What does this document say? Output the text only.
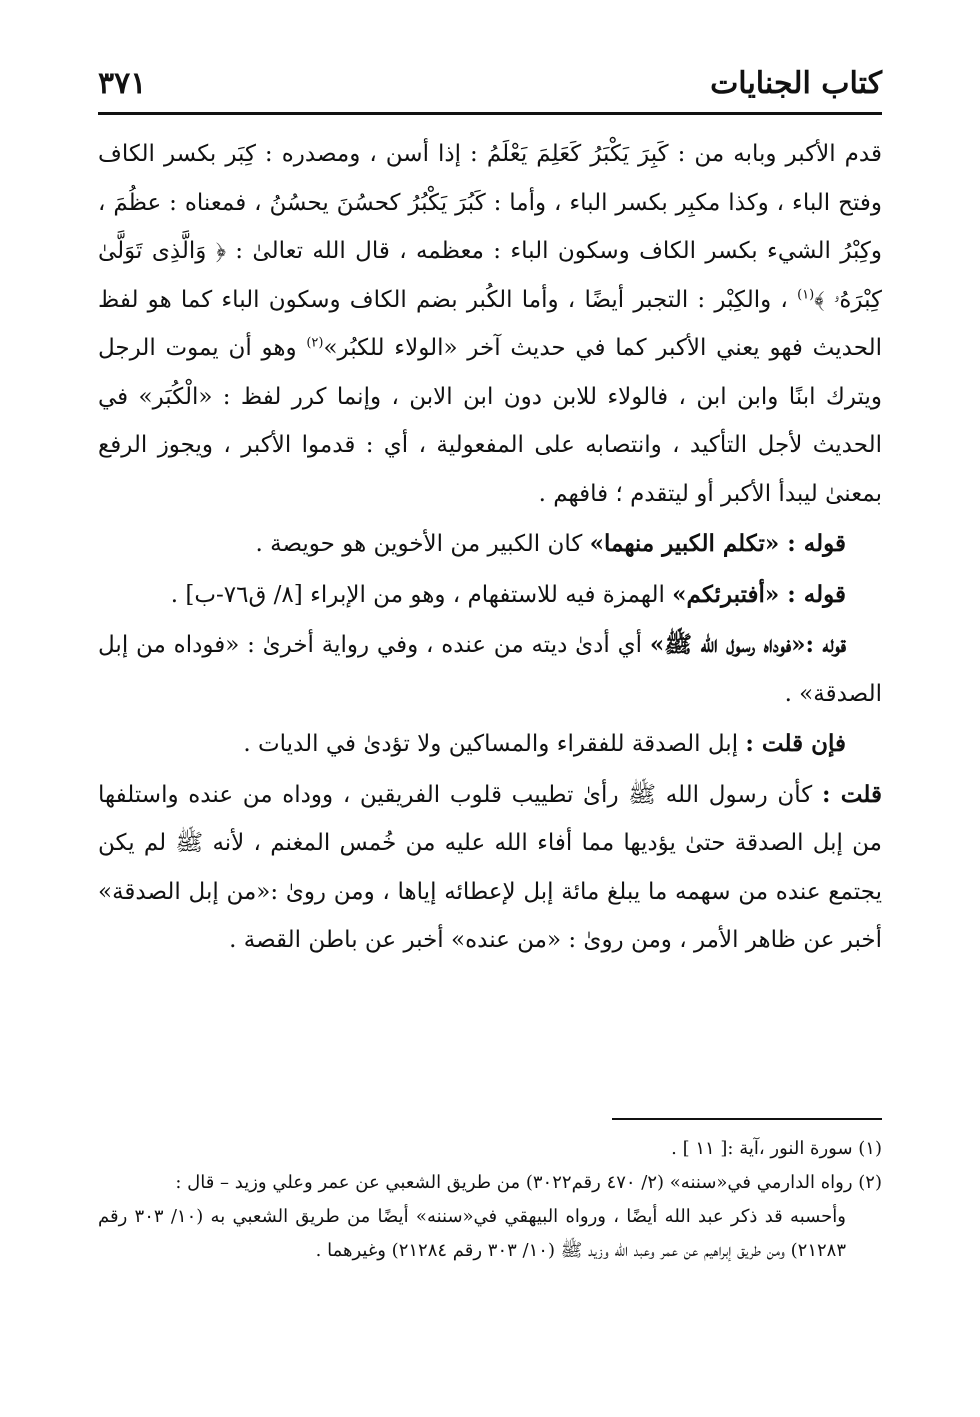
كتاب الجنايات
٣٧١

قدم الأكبر وبابه من : كَبِرَ يَكْبَرُ كَعَلِمَ يَعْلَمُ : إذا أسن ، ومصدره : كِبَر بكسر الكاف وفتح الباء ، وكذا مكبِر بكسر الباء ، وأما : كَبُرَ يَكْبُرُ كحسُنَ يحسُنُ ، فمعناه : عظُمَ ، وكِبْرُ الشيء بكسر الكاف وسكون الباء : معظمه ، قال الله تعالىٰ : ﴿ وَالَّذِى تَوَلَّىٰ كِبْرَهُۥ ﴾$^{(١)}$ ، والكِبْر : التجبر أيضًا ، وأما الكُبر بضم الكاف وسكون الباء كما هو لفظ الحديث فهو يعني الأكبر كما في حديث آخر «الولاء للكبُر»$^{(٢)}$ وهو أن يموت الرجل ويترك ابنًا وابن ابن ، فالولاء للابن دون ابن الابن ، وإنما كرر لفظ : «الْكُبَر» في الحديث لأجل التأكيد ، وانتصابه على المفعولية ، أي : قدموا الأكبر ، ويجوز الرفع بمعنىٰ ليبدأ الأكبر أو ليتقدم ؛ فافهم .

قوله : «تكلم الكبير منهما» كان الكبير من الأخوين هو حويصة .

قوله : «أفتبرئكم» الهمزة فيه للاستفهام ، وهو من الإبراء [٨/ ق٧٦-ب] .

قوله :«فوداه رسول الله ﷺ» أي أدىٰ ديته من عنده ، وفي رواية أخرىٰ : «فوداه من إبل الصدقة» .

فإن قلت : إبل الصدقة للفقراء والمساكين ولا تؤدىٰ في الديات .

قلت : كأن رسول الله ﷺ رأىٰ تطييب قلوب الفريقين ، ووداه من عنده واستلفها من إبل الصدقة حتىٰ يؤديها مما أفاء الله عليه من خُمس المغنم ، لأنه ﷺ لم يكن يجتمع عنده من سهمه ما يبلغ مائة إبل لإعطائه إياها ، ومن روىٰ :«من إبل الصدقة» أخبر عن ظاهر الأمر ، ومن روىٰ : «من عنده» أخبر عن باطن القصة .

(١) سورة النور ،آية :[ ١١ ] .

(٢) رواه الدارمي في«سننه» (٢/ ٤٧٠ رقم٣٠٢٢) من طريق الشعبي عن عمر وعلي وزيد – قال :

وأحسبه قد ذكر عبد الله أيضًا ، ورواه البيهقي في«سننه» أيضًا من طريق الشعبي به (١٠/ ٣٠٣ رقم ٢١٢٨٣) ومن طريق إبراهيم عن عمر وعبد الله وزيد ﷺ (١٠/ ٣٠٣ رقم ٢١٢٨٤) وغيرهما .
